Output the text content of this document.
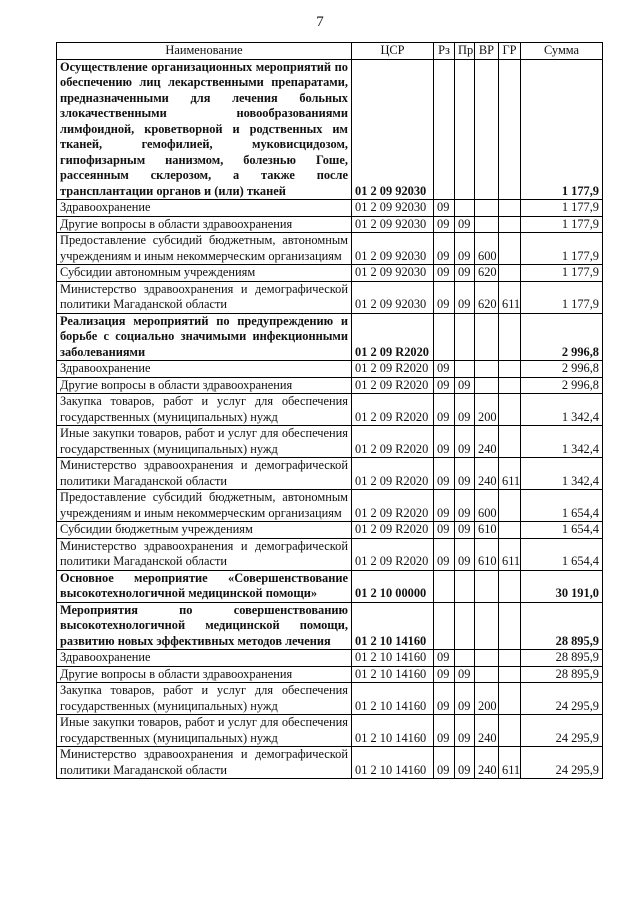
7
Наименование	ЦСР	Рз	Пр	ВР	ГР	Сумма
Осуществление организационных мероприятий по обеспечению лиц лекарственными препаратами, предназначенными для лечения больных злокачественными новообразованиями лимфоидной, кроветворной и родственных им тканей, гемофилией, муковисцидозом, гипофизарным нанизмом, болезнью Гоше, рассеянным склерозом, а также после трансплантации органов и (или) тканей	01 2 09 92030					1 177,9
Здравоохранение	01 2 09 92030	09				1 177,9
Другие вопросы в области здравоохранения	01 2 09 92030	09	09			1 177,9
Предоставление субсидий бюджетным, автономным учреждениям и иным некоммерческим организациям	01 2 09 92030	09	09	600		1 177,9
Субсидии автономным учреждениям	01 2 09 92030	09	09	620		1 177,9
Министерство здравоохранения и демографической политики Магаданской области	01 2 09 92030	09	09	620	611	1 177,9
Реализация мероприятий по предупреждению и борьбе с социально значимыми инфекционными заболеваниями	01 2 09 R2020					2 996,8
Здравоохранение	01 2 09 R2020	09				2 996,8
Другие вопросы в области здравоохранения	01 2 09 R2020	09	09			2 996,8
Закупка товаров, работ и услуг для обеспечения государственных (муниципальных) нужд	01 2 09 R2020	09	09	200		1 342,4
Иные закупки товаров, работ и услуг для обеспечения государственных (муниципальных) нужд	01 2 09 R2020	09	09	240		1 342,4
Министерство здравоохранения и демографической политики Магаданской области	01 2 09 R2020	09	09	240	611	1 342,4
Предоставление субсидий бюджетным, автономным учреждениям и иным некоммерческим организациям	01 2 09 R2020	09	09	600		1 654,4
Субсидии бюджетным учреждениям	01 2 09 R2020	09	09	610		1 654,4
Министерство здравоохранения и демографической политики Магаданской области	01 2 09 R2020	09	09	610	611	1 654,4
Основное мероприятие «Совершенствование высокотехнологичной медицинской помощи»	01 2 10 00000					30 191,0
Мероприятия по совершенствованию высокотехнологичной медицинской помощи, развитию новых эффективных методов лечения	01 2 10 14160					28 895,9
Здравоохранение	01 2 10 14160	09				28 895,9
Другие вопросы в области здравоохранения	01 2 10 14160	09	09			28 895,9
Закупка товаров, работ и услуг для обеспечения государственных (муниципальных) нужд	01 2 10 14160	09	09	200		24 295,9
Иные закупки товаров, работ и услуг для обеспечения государственных (муниципальных) нужд	01 2 10 14160	09	09	240		24 295,9
Министерство здравоохранения и демографической политики Магаданской области	01 2 10 14160	09	09	240	611	24 295,9
